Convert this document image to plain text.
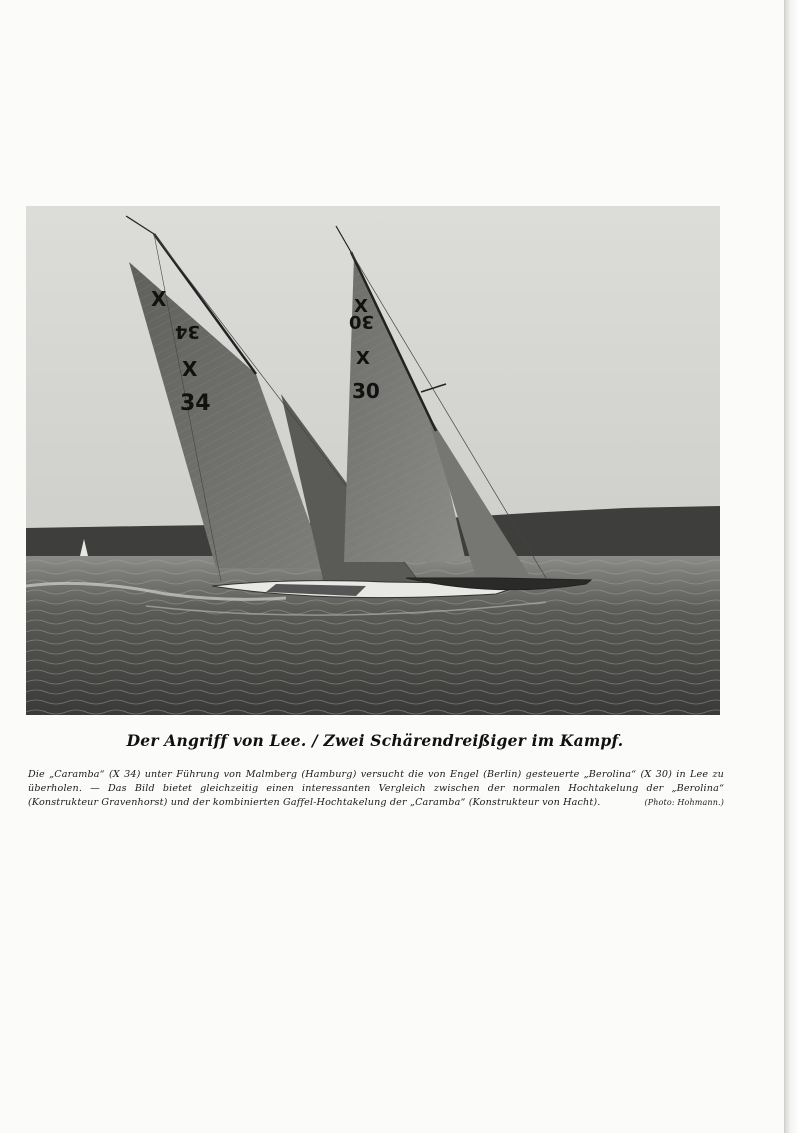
X
34
X
34
X
30
X
30
Der Angriff von Lee. / Zwei Schärendreißiger im Kampf.
Die „Caramba“ (X 34) unter Führung von Malmberg (Hamburg) versucht die von Engel (Berlin) gesteuerte „Berolina“ (X 30) in Lee zu überholen. — Das Bild bietet gleichzeitig einen interessanten Vergleich zwischen der normalen Hochtakelung der „Berolina“ (Konstrukteur Gravenhorst) und der kombinierten Gaffel-Hochtakelung der „Caramba“ (Konstrukteur von Hacht).	(Photo: Hohmann.)
